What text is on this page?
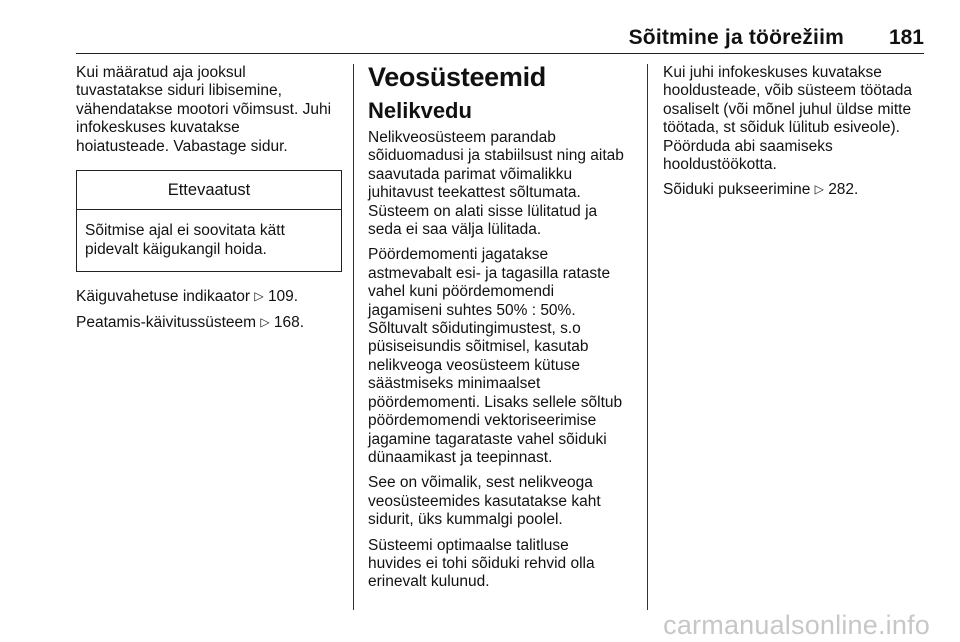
Sõitmine ja töörežiim 181

Kui määratud aja jooksul
tuvastatakse siduri libisemine,
vähendatakse mootori võimsust. Juhi
infokeskuses kuvatakse
hoiatusteade. Vabastage sidur.

Ettevaatust
Sõitmise ajal ei soovitata kätt
pidevalt käigukangil hoida.

Käiguvahetuse indikaator ▷ 109.

Peatamis-käivitussüsteem ▷ 168.

Veosüsteemid
Nelikvedu

Nelikveosüsteem parandab
sõiduomadusi ja stabiilsust ning aitab
saavutada parimat võimalikku
juhitavust teekattest sõltumata.
Süsteem on alati sisse lülitatud ja
seda ei saa välja lülitada.

Pöördemomenti jagatakse
astmevabalt esi- ja tagasilla rataste
vahel kuni pöördemomendi
jagamiseni suhtes 50% : 50%.
Sõltuvalt sõidutingimustest, s.o
püsiseisundis sõitmisel, kasutab
nelikveoga veosüsteem kütuse
säästmiseks minimaalset
pöördemomenti. Lisaks sellele sõltub
pöördemomendi vektoriseerimise
jagamine tagarataste vahel sõiduki
dünaamikast ja teepinnast.

See on võimalik, sest nelikveoga
veosüsteemides kasutatakse kaht
sidurit, üks kummalgi poolel.

Süsteemi optimaalse talitluse
huvides ei tohi sõiduki rehvid olla
erinevalt kulunud.

Kui juhi infokeskuses kuvatakse
hooldusteade, võib süsteem töötada
osaliselt (või mõnel juhul üldse mitte
töötada, st sõiduk lülitub esiveole).
Pöörduda abi saamiseks
hooldustöökotta.

Sõiduki pukseerimine ▷ 282.

carmanualsonline.info
